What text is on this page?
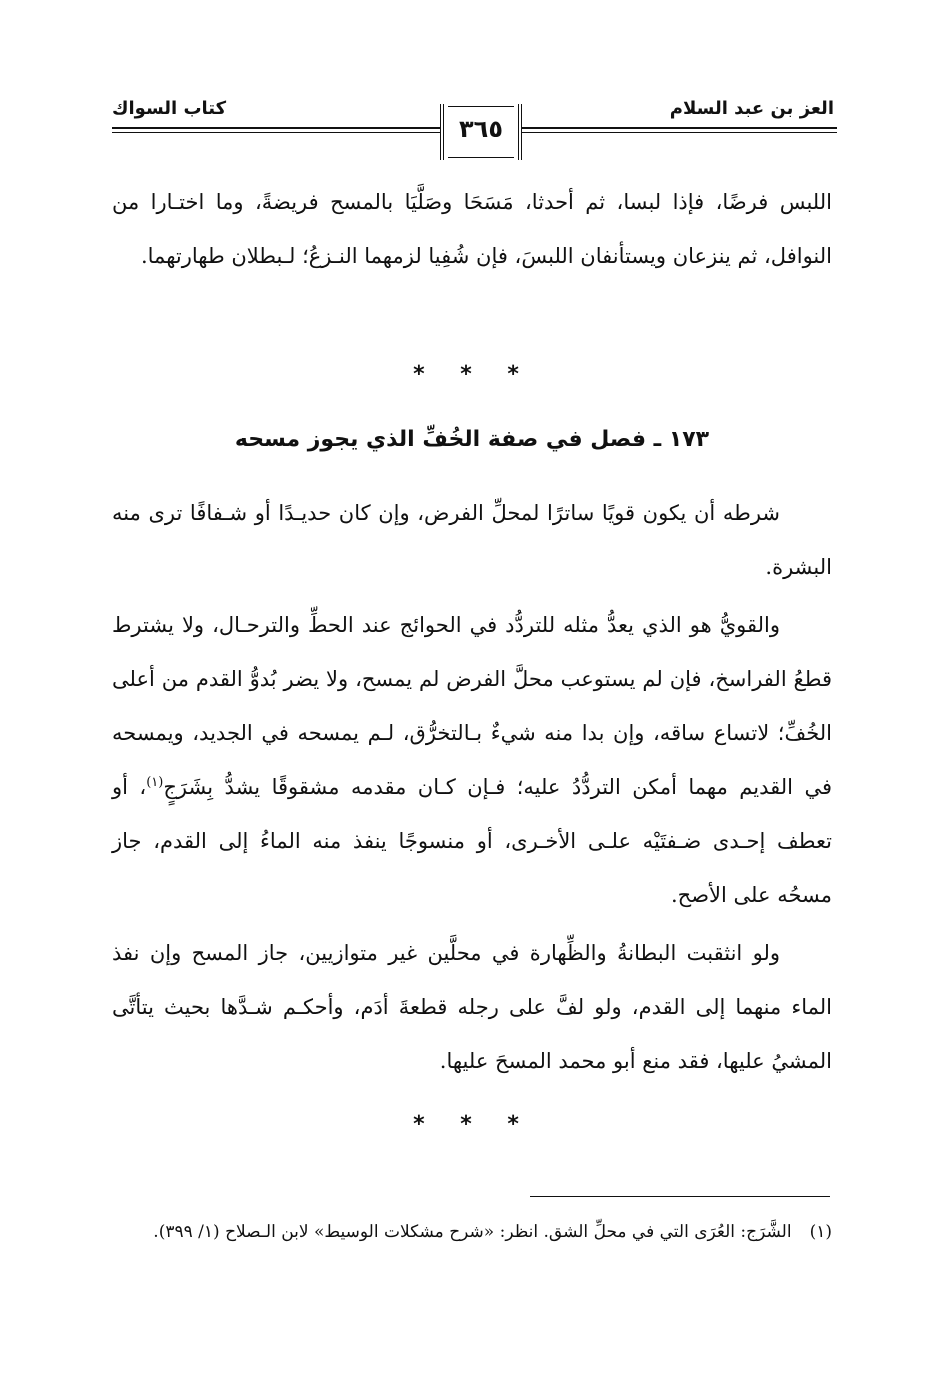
العز بن عبد السلام
كتاب السواك
٣٦٥

اللبس فرضًا، فإذا لبسا، ثم أحدثا، مَسَحَا وصَلَّيَا بالمسح فريضةً، وما اختـارا من النوافل، ثم ينزعان ويستأنفان اللبسَ، فإن شُفِيا لزمهما النـزعُ؛ لـبطلان طهارتهما.

* * *
١٧٣ ـ فصل في صفة الخُفِّ الذي يجوز مسحه

شرطه أن يكون قويًا ساترًا لمحلِّ الفرض، وإن كان حديـدًا أو شـفافًا ترى منه البشرة.

والقويُّ هو الذي يعدُّ مثله للتردُّد في الحوائج عند الحطِّ والترحـال، ولا يشترط قطعُ الفراسخ، فإن لم يستوعب محلَّ الفرض لم يمسح، ولا يضر بُدوُّ القدم من أعلى الخُفِّ؛ لاتساع ساقه، وإن بدا منه شيءٌ بـالتخرُّق، لـم يمسحه في الجديد، ويمسحه في القديم مهما أمكن التردُّدُ عليه؛ فـإن كـان مقدمه مشقوقًا يشدُّ بِشَرَجٍ$^{(١)}$، أو تعطف إحـدى ضـفتَيْه علـى الأخـرى، أو منسوجًا ينفذ منه الماءُ إلى القدم، جاز مسحُه على الأصح.

ولو انثقبت البطانةُ والظِّهارة في محلَّين غير متوازيين، جاز المسح وإن نفذ الماء منهما إلى القدم، ولو لفَّ على رجله قطعةَ أدَم، وأحكـم شـدَّها بحيث يتأتَّى المشيُ عليها، فقد منع أبو محمد المسحَ عليها.

* * *

(١)الشَّرَج: العُرَى التي في محلِّ الشق. انظر: «شرح مشكلات الوسيط» لابن الـصلاح (١/ ٣٩٩).
